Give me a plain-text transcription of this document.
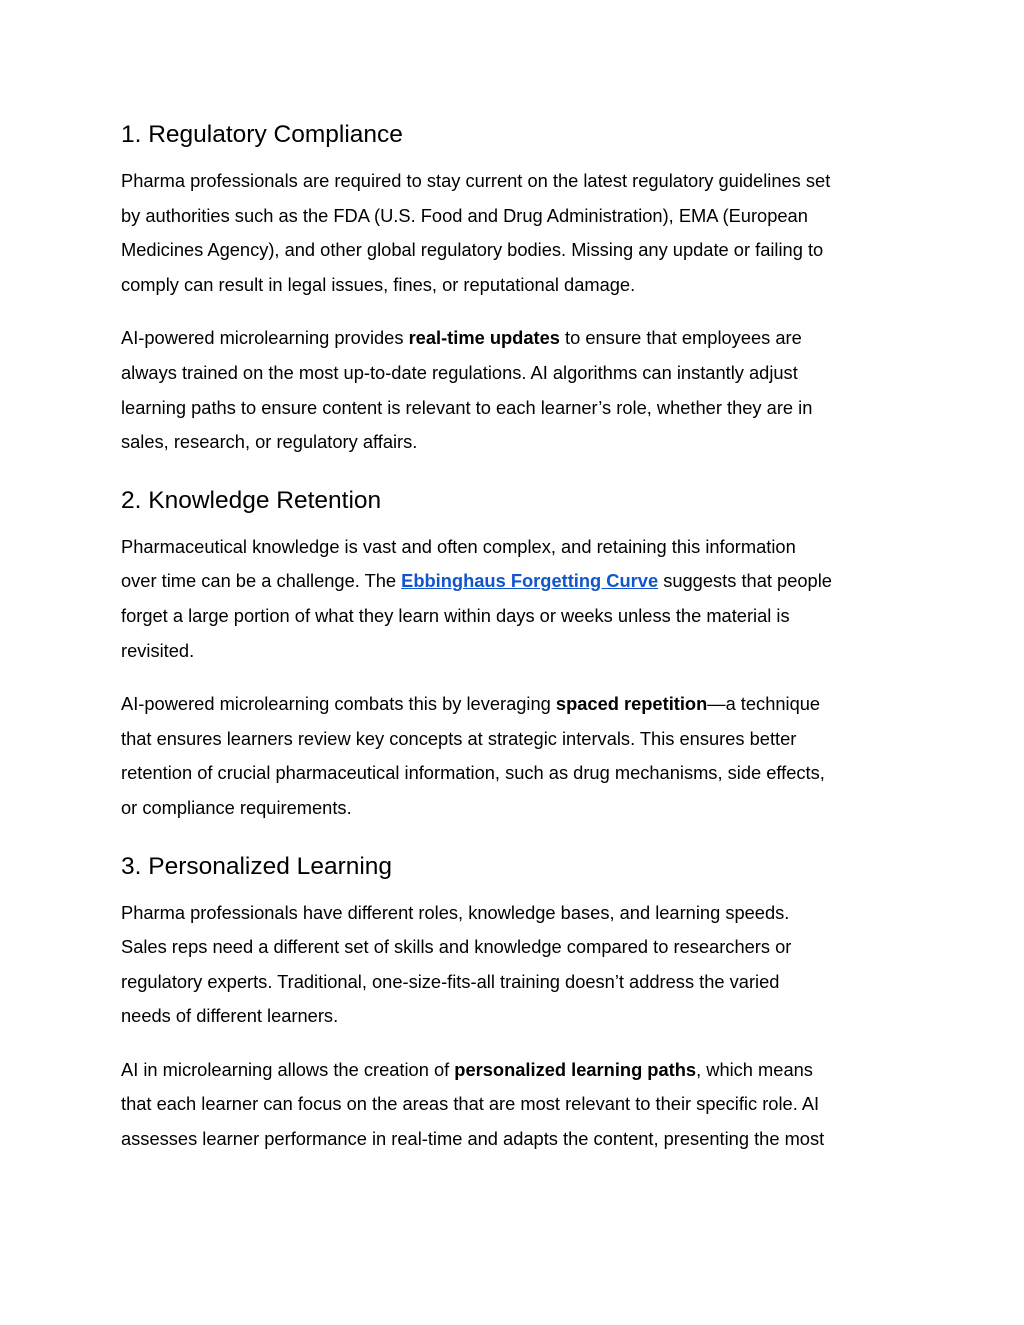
1. Regulatory Compliance

Pharma professionals are required to stay current on the latest regulatory guidelines set
by authorities such as the FDA (U.S. Food and Drug Administration), EMA (European
Medicines Agency), and other global regulatory bodies. Missing any update or failing to
comply can result in legal issues, fines, or reputational damage.

AI-powered microlearning provides real-time updates to ensure that employees are
always trained on the most up-to-date regulations. AI algorithms can instantly adjust
learning paths to ensure content is relevant to each learner’s role, whether they are in
sales, research, or regulatory affairs.

2. Knowledge Retention

Pharmaceutical knowledge is vast and often complex, and retaining this information
over time can be a challenge. The Ebbinghaus Forgetting Curve suggests that people
forget a large portion of what they learn within days or weeks unless the material is
revisited.

AI-powered microlearning combats this by leveraging spaced repetition—a technique
that ensures learners review key concepts at strategic intervals. This ensures better
retention of crucial pharmaceutical information, such as drug mechanisms, side effects,
or compliance requirements.

3. Personalized Learning

Pharma professionals have different roles, knowledge bases, and learning speeds.
Sales reps need a different set of skills and knowledge compared to researchers or
regulatory experts. Traditional, one-size-fits-all training doesn’t address the varied
needs of different learners.

AI in microlearning allows the creation of personalized learning paths, which means
that each learner can focus on the areas that are most relevant to their specific role. AI
assesses learner performance in real-time and adapts the content, presenting the most
